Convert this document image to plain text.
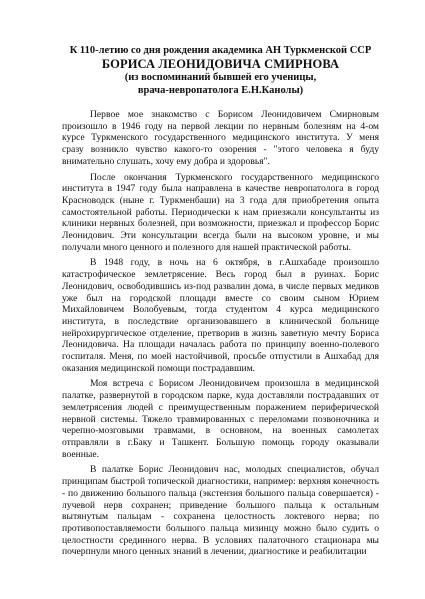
К 110-летию со дня рождения академика АН Туркменской ССР
БОРИСА ЛЕОНИДОВИЧА СМИРНОВА
(из воспоминаний бывшей его ученицы,
врача-невропатолога Е.Н.Канолы)

Первое мое знакомство с Борисом Леонидовичем Смирновым произошло в 1946 году на первой лекции по нервным болезням на 4-ом курсе Туркменского государственного медицинского института. У меня сразу возникло чувство какого-то озорения - "этого человека я буду внимательно слушать, хочу ему добра и здоровья".

После окончания Туркменского государственного медицинского института в 1947 году была направлена в качестве невропатолога в город Красноводск (ныне г. Туркменбаши) на 3 года для приобретения опыта самостоятельной работы. Периодически к нам приезжали консультанты из клиники нервных болезней, при возможности, приезжал и профессор Борис Леонидович. Эти консультации всегда были на высоком уровне, и мы получали много ценного и полезного для нашей практической работы.

В 1948 году, в ночь на 6 октября, в г.Ашхабаде произошло катастрофическое землетрясение. Весь город был в руинах. Борис Леонидович, освободившись из-под развалин дома, в числе первых медиков уже был на городской площади вместе со своим сыном Юрием Михайловичем Волобуевым, тогда студентом 4 курса медицинского института, в последствие организовавшего в клинической больнице нейрохирургическое отделение, претворив в жизнь заветную мечту Бориса Леонидовича. На площади началась работа по принципу военно-полевого госпиталя. Меня, по моей настойчивой, просьбе отпустили в Ашхабад для оказания медицинской помощи пострадавшим.

Моя встреча с Борисом Леонидовичем произошла в медицинской палатке, развернутой в городском парке, куда доставляли пострадавших от землетрясения людей с преимущественным поражением периферической нервной системы. Тяжело травмированных с переломами позвоночника и черепно-мозговыми травмами, в основном, на военных самолетах отправляли в г.Баку и Ташкент. Большую помощь городу оказывали военные.

В палатке Борис Леонидович нас, молодых специалистов, обучал принципам быстрой топической диагностики, например: верхняя конечность - по движению большого пальца (экстензия большого пальца совершается) - лучевой нерв сохранен; приведение большого пальца к остальным вытянутым пальцам - сохранена целостность локтевого нерва; по противопоставляемости большого пальца мизинцу можно было судить о целостности срединного нерва. В условиях палаточного стационара мы почерпнули много ценных знаний в лечении, диагностике и реабилитации
